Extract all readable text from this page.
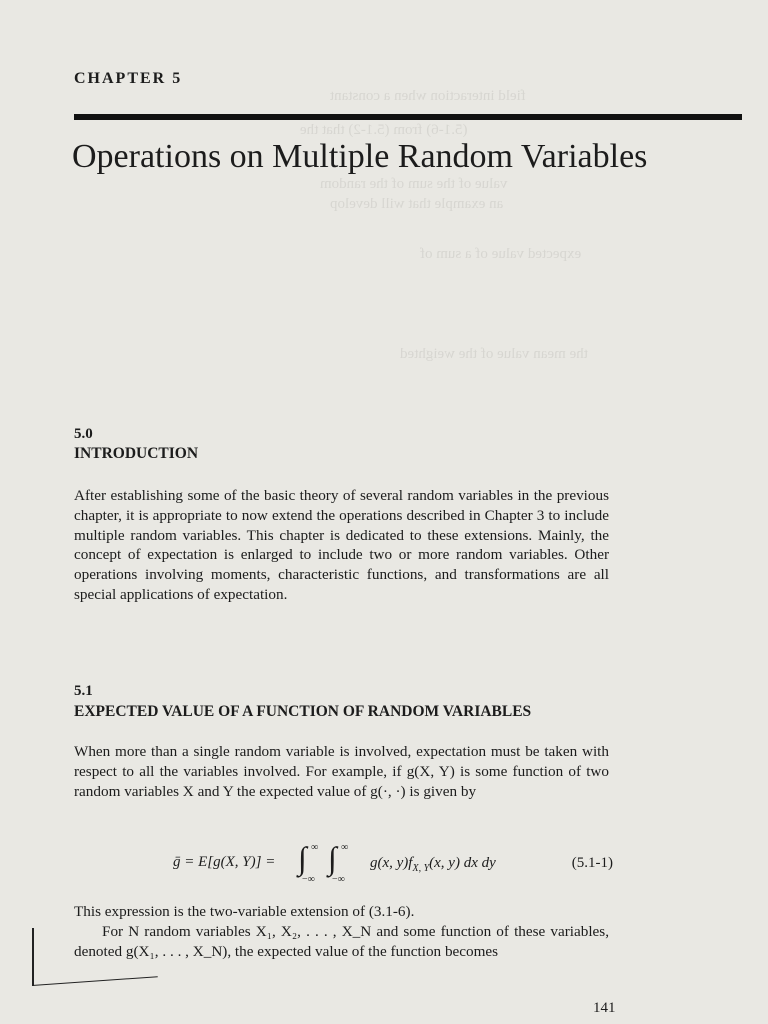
field interaction when a constant
(5.1-6) from (5.1-2) that the
value of the sum of the random
an example that will develop
expected value of a sum of
the mean value of the weighted
CHAPTER 5
Operations on Multiple Random Variables
5.0
INTRODUCTION

After establishing some of the basic theory of several random variables in the previous chapter, it is appropriate to now extend the operations described in Chapter 3 to include multiple random variables. This chapter is dedicated to these extensions. Mainly, the concept of expectation is enlarged to include two or more random variables. Other operations involving moments, characteristic functions, and transformations are all special applications of expectation.

5.1
EXPECTED VALUE OF A FUNCTION OF RANDOM VARIABLES

When more than a single random variable is involved, expectation must be taken with respect to all the variables involved. For example, if g(X, Y) is some function of two random variables X and Y the expected value of g(·, ·) is given by

ḡ = E[g(X, Y)] = ∫ ∞
−∞
∫ ∞
−∞
g(x, $y)f_{X, Y}(x$, y) dx dy	(5.1-1)

This expression is the two-variable extension of (3.1-6).

For N random variables X₁, X₂, . . . , X_N and some function of these variables, denoted g(X₁, . . . , X_N), the expected value of the function becomes

141
